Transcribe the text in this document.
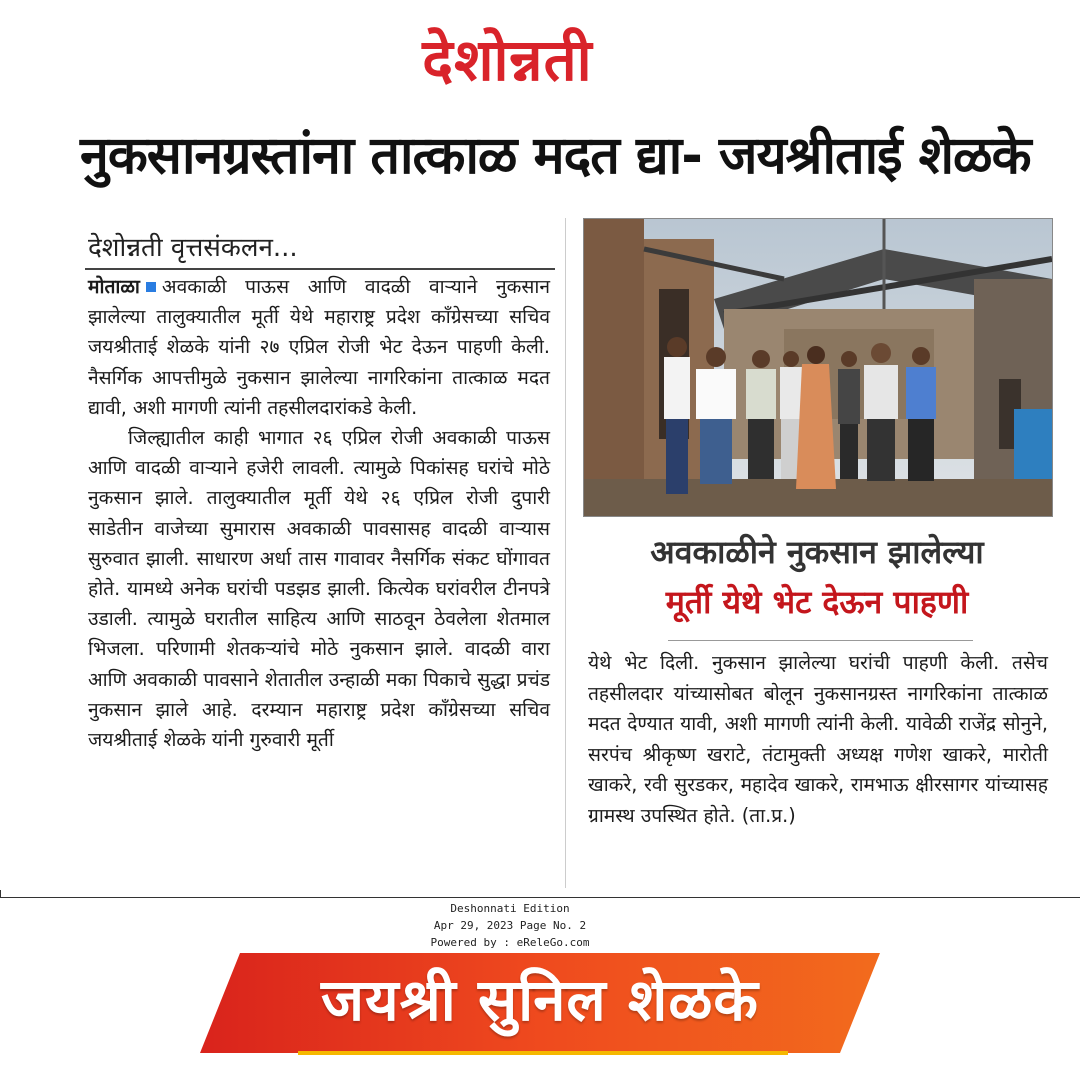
देशोन्नती
नुकसानग्रस्तांना तात्काळ मदत द्या- जयश्रीताई शेळके
देशोन्नती वृत्तसंकलन...

मोताळा अवकाळी पाऊस आणि वादळी वाऱ्याने नुकसान झालेल्या तालुक्यातील मूर्ती येथे महाराष्ट्र प्रदेश काँग्रेसच्या सचिव जयश्रीताई शेळके यांनी २७ एप्रिल रोजी भेट देऊन पाहणी केली. नैसर्गिक आपत्तीमुळे नुकसान झालेल्या नागरिकांना तात्काळ मदत द्यावी, अशी मागणी त्यांनी तहसीलदारांकडे केली.

जिल्ह्यातील काही भागात २६ एप्रिल रोजी अवकाळी पाऊस आणि वादळी वाऱ्याने हजेरी लावली. त्यामुळे पिकांसह घरांचे मोठे नुकसान झाले. तालुक्यातील मूर्ती येथे २६ एप्रिल रोजी दुपारी साडेतीन वाजेच्या सुमारास अवकाळी पावसासह वादळी वाऱ्यास सुरुवात झाली. साधारण अर्धा तास गावावर नैसर्गिक संकट घोंगावत होते. यामध्ये अनेक घरांची पडझड झाली. कित्येक घरांवरील टीनपत्रे उडाली. त्यामुळे घरातील साहित्य आणि साठवून ठेवलेला शेतमाल भिजला. परिणामी शेतकऱ्यांचे मोठे नुकसान झाले. वादळी वारा आणि अवकाळी पावसाने शेतातील उन्हाळी मका पिकाचे सुद्धा प्रचंड नुकसान झाले आहे. दरम्यान महाराष्ट्र प्रदेश काँग्रेसच्या सचिव जयश्रीताई शेळके यांनी गुरुवारी मूर्ती

अवकाळीने नुकसान झालेल्या
मूर्ती येथे भेट देऊन पाहणी

येथे भेट दिली. नुकसान झालेल्या घरांची पाहणी केली. तसेच तहसीलदार यांच्यासोबत बोलून नुकसानग्रस्त नागरिकांना तात्काळ मदत देण्यात यावी, अशी मागणी त्यांनी केली. यावेळी राजेंद्र सोनुने, सरपंच श्रीकृष्ण खराटे, तंटामुक्ती अध्यक्ष गणेश खाकरे, मारोती खाकरे, रवी सुरडकर, महादेव खाकरे, रामभाऊ क्षीरसागर यांच्यासह ग्रामस्थ उपस्थित होते. (ता.प्र.)

Deshonnati Edition
Apr 29, 2023 Page No. 2
Powered by : eReleGo.com
जयश्री सुनिल शेळके
